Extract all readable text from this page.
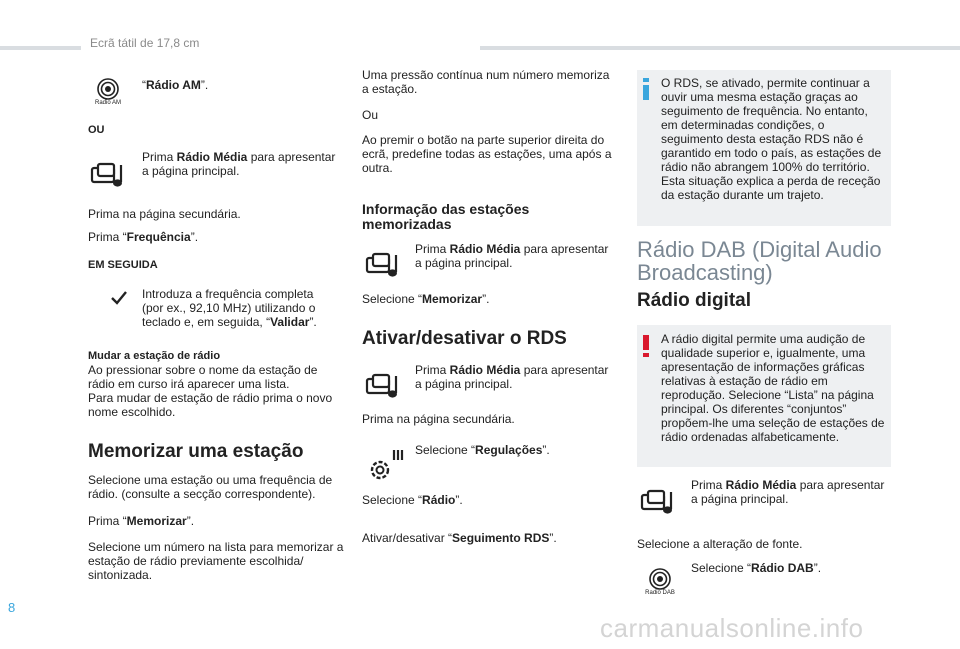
Ecrã tátil de 17,8 cm
8
Radio AM
“Rádio AM”.
OU
Prima Rádio Média para apresentar a página principal.
Prima na página secundária.
Prima “Frequência”.
EM SEGUIDA
Introduza a frequência completa (por ex., 92,10 MHz) utilizando o teclado e, em seguida, “Validar”.
Mudar a estação de rádio
Ao pressionar sobre o nome da estação de
rádio em curso irá aparecer uma lista.
Para mudar de estação de rádio prima o novo
nome escolhido.
Memorizar uma estação
Selecione uma estação ou uma frequência de rádio. (consulte a secção correspondente).
Prima “Memorizar”.
Selecione um número na lista para memorizar a estação de rádio previamente escolhida/ sintonizada.
Uma pressão contínua num número memoriza a estação.
Ou
Ao premir o botão na parte superior direita do ecrã, predefine todas as estações, uma após a outra.
Informação das estações memorizadas
Prima Rádio Média para apresentar a página principal.
Selecione “Memorizar”.
Ativar/desativar o RDS
Prima Rádio Média para apresentar a página principal.
Prima na página secundária.
Selecione “Regulações”.
Selecione “Rádio”.
Ativar/desativar “Seguimento RDS”.
O RDS, se ativado, permite continuar a ouvir uma mesma estação graças ao seguimento de frequência. No entanto, em determinadas condições, o seguimento desta estação RDS não é garantido em todo o país, as estações de rádio não abrangem 100% do território. Esta situação explica a perda de receção da estação durante um trajeto.
Rádio DAB (Digital Audio
Broadcasting)
Rádio digital
A rádio digital permite uma audição de qualidade superior e, igualmente, uma apresentação de informações gráficas relativas à estação de rádio em reprodução. Selecione “Lista” na página principal. Os diferentes “conjuntos” propõem-lhe uma seleção de estações de rádio ordenadas alfabeticamente.
Prima Rádio Média para apresentar a página principal.
Selecione a alteração de fonte.
Radio DAB
Selecione “Rádio DAB”.
carmanualsonline.info
